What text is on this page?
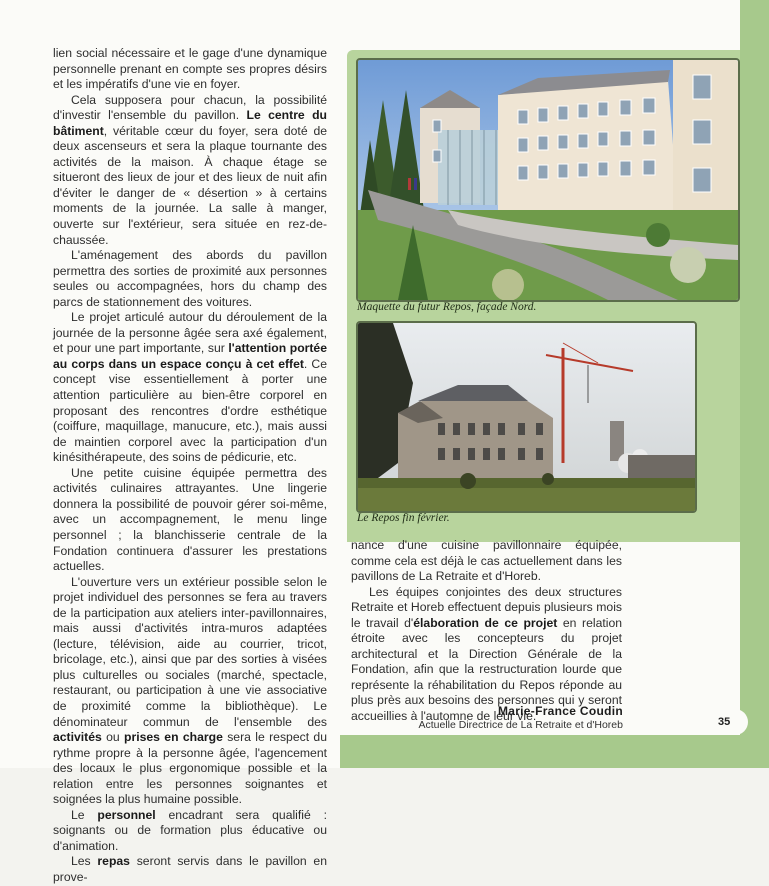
Maquette du futur Repos, façade Nord.
Le Repos fin février.

lien social nécessaire et le gage d'une dynamique personnelle prenant en compte ses propres désirs et les impératifs d'une vie en foyer.

Cela supposera pour chacun, la possibilité d'investir l'ensemble du pavillon. Le centre du bâtiment, véritable cœur du foyer, sera doté de deux ascenseurs et sera la plaque tournante des activités de la maison. À chaque étage se situeront des lieux de jour et des lieux de nuit afin d'éviter le danger de « désertion » à certains moments de la journée. La salle à manger, ouverte sur l'extérieur, sera située en rez-de-chaussée.

L'aménagement des abords du pavillon permettra des sorties de proximité aux personnes seules ou accompagnées, hors du champ des parcs de stationnement des voitures.

Le projet articulé autour du déroulement de la journée de la personne âgée sera axé également, et pour une part importante, sur l'attention portée au corps dans un espace conçu à cet effet. Ce concept vise essentiellement à porter une attention particulière au bien-être corporel en proposant des rencontres d'ordre esthétique (coiffure, maquillage, manucure, etc.), mais aussi de maintien corporel avec la participation d'un kinésithérapeute, des soins de pédicurie, etc.

Une petite cuisine équipée permettra des activités culinaires attrayantes. Une lingerie donnera la possibilité de pouvoir gérer soi-même, avec un accompagnement, le menu linge personnel ; la blanchisserie centrale de la Fondation continuera d'assurer les prestations actuelles.

L'ouverture vers un extérieur possible selon le projet individuel des personnes se fera au travers de la participation aux ateliers inter-pavillonnaires, mais aussi d'activités intra-muros adaptées (lecture, télévision, aide au courrier, tricot, bricolage, etc.), ainsi que par des sorties à visées plus culturelles ou sociales (marché, spectacle, restaurant, ou participation à une vie associative de proximité comme la bibliothèque). Le dénominateur commun de l'ensemble des activités ou prises en charge sera le respect du rythme propre à la personne âgée, l'agencement des locaux le plus ergonomique possible et la relation entre les personnes soignantes et soignées la plus humaine possible.

Le personnel encadrant sera qualifié : soignants ou de formation plus éducative ou d'animation.

Les repas seront servis dans le pavillon en prove-

nance d'une cuisine pavillonnaire équipée, comme cela est déjà le cas actuellement dans les pavillons de La Retraite et d'Horeb.

Les équipes conjointes des deux structures Retraite et Horeb effectuent depuis plusieurs mois le travail d'élaboration de ce projet en relation étroite avec les concepteurs du projet architectural et la Direction Générale de la Fondation, afin que la restructuration lourde que représente la réhabilitation du Repos réponde au plus près aux besoins des personnes qui y seront accueillies à l'automne de leur vie.

Marie-France Coudin
Actuelle Directrice de La Retraite et d'Horeb	35
